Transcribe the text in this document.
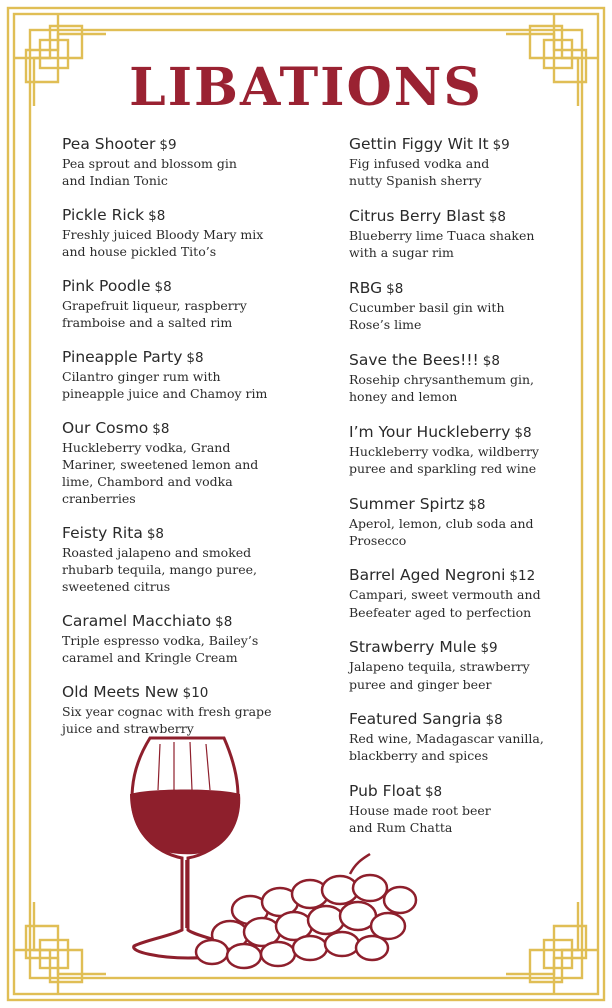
LIBATIONS
Pea Shooter $9
Pea sprout and blossom gin
and Indian Tonic
Pickle Rick $8
Freshly juiced Bloody Mary mix
and house pickled Tito’s
Pink Poodle $8
Grapefruit liqueur, raspberry
framboise and a salted rim
Pineapple Party $8
Cilantro ginger rum with
pineapple juice and Chamoy rim
Our Cosmo $8
Huckleberry vodka, Grand
Mariner, sweetened lemon and
lime, Chambord and vodka
cranberries
Feisty Rita $8
Roasted jalapeno and smoked
rhubarb tequila, mango puree,
sweetened citrus
Caramel Macchiato $8
Triple espresso vodka, Bailey’s
caramel and Kringle Cream
Old Meets New $10
Six year cognac with fresh grape
juice and strawberry
Gettin Figgy Wit It $9
Fig infused vodka and
nutty Spanish sherry
Citrus Berry Blast $8
Blueberry lime Tuaca shaken
with a sugar rim
RBG $8
Cucumber basil gin with
Rose’s lime
Save the Bees!!! $8
Rosehip chrysanthemum gin,
honey and lemon
I’m Your Huckleberry $8
Huckleberry vodka, wildberry
puree and sparkling red wine
Summer Spirtz $8
Aperol, lemon, club soda and
Prosecco
Barrel Aged Negroni $12
Campari, sweet vermouth and
Beefeater aged to perfection
Strawberry Mule $9
Jalapeno tequila, strawberry
puree and ginger beer
Featured Sangria $8
Red wine, Madagascar vanilla,
blackberry and spices
Pub Float $8
House made root beer
and Rum Chatta
